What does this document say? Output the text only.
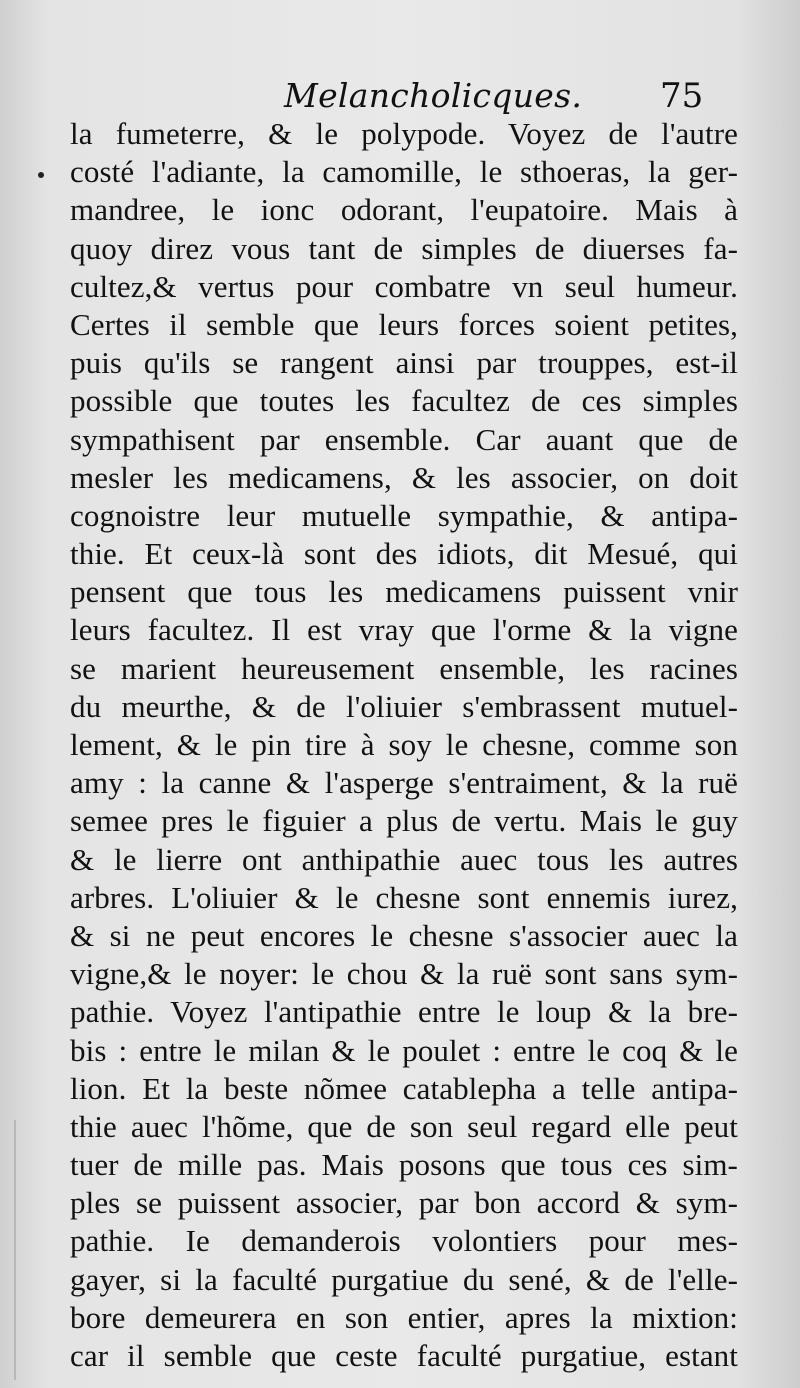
Melancholicques. 75
la fumeterre, & le polypode. Voyez de l'autre
costé l'adiante, la camomille, le sthoeras, la ger-
mandree, le ionc odorant, l'eupatoire. Mais à
quoy direz vous tant de simples de diuerses fa-
cultez,& vertus pour combatre vn seul humeur.
Certes il semble que leurs forces soient petites,
puis qu'ils se rangent ainsi par trouppes, est-il
possible que toutes les facultez de ces simples
sympathisent par ensemble. Car auant que de
mesler les medicamens, & les associer, on doit
cognoistre leur mutuelle sympathie, & antipa-
thie. Et ceux-là sont des idiots, dit Mesué, qui
pensent que tous les medicamens puissent vnir
leurs facultez. Il est vray que l'orme & la vigne
se marient heureusement ensemble, les racines
du meurthe, & de l'oliuier s'embrassent mutuel-
lement, & le pin tire à soy le chesne, comme son
amy : la canne & l'asperge s'entraiment, & la ruë
semee pres le figuier a plus de vertu. Mais le guy
& le lierre ont anthipathie auec tous les autres
arbres. L'oliuier & le chesne sont ennemis iurez,
& si ne peut encores le chesne s'associer auec la
vigne,& le noyer: le chou & la ruë sont sans sym-
pathie. Voyez l'antipathie entre le loup & la bre-
bis : entre le milan & le poulet : entre le coq & le
lion. Et la beste nõmee catablepha a telle antipa-
thie auec l'hõme, que de son seul regard elle peut
tuer de mille pas. Mais posons que tous ces sim-
ples se puissent associer, par bon accord & sym-
pathie. Ie demanderois volontiers pour mes-
gayer, si la faculté purgatiue du sené, & de l'elle-
bore demeurera en son entier, apres la mixtion:
car il semble que ceste faculté purgatiue, estant
